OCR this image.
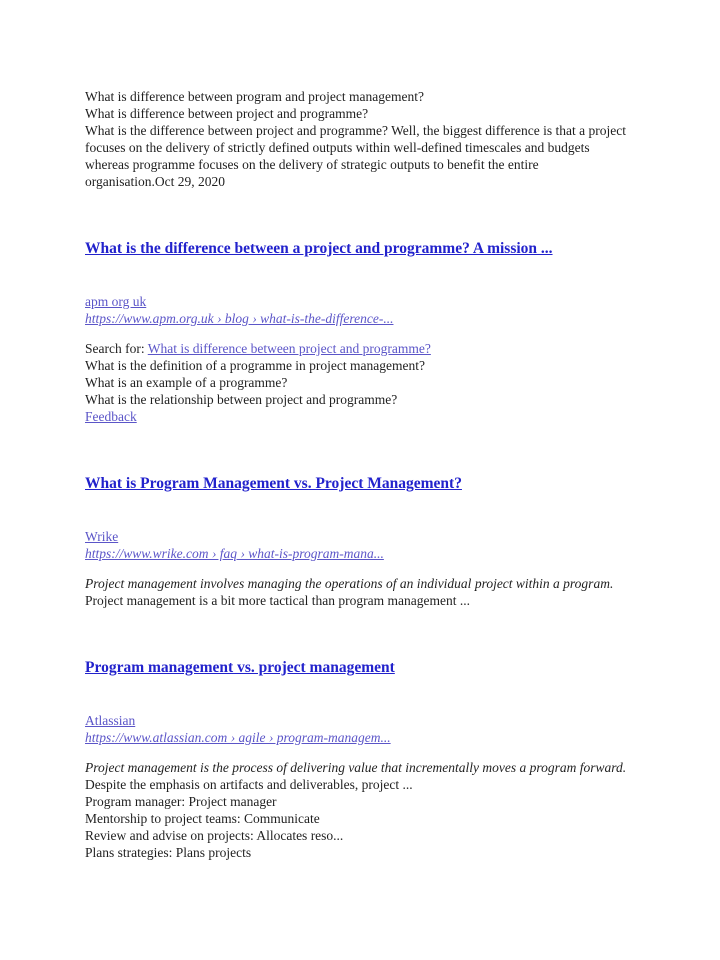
What is difference between program and project management?

What is difference between project and programme?

What is the difference between project and programme? Well, the biggest difference is that a project focuses on the delivery of strictly defined outputs within well-defined timescales and budgets whereas programme focuses on the delivery of strategic outputs to benefit the entire organisation.Oct 29, 2020

What is the difference between a project and programme? A mission ...
apm org uk
https://www.apm.org.uk › blog › what-is-the-difference-...

Search for: What is difference between project and programme?

What is the definition of a programme in project management?

What is an example of a programme?

What is the relationship between project and programme?

Feedback

What is Program Management vs. Project Management?
Wrike
https://www.wrike.com › faq › what-is-program-mana...

Project management involves managing the operations of an individual project within a program. Project management is a bit more tactical than program management ...

Program management vs. project management
Atlassian
https://www.atlassian.com › agile › program-managem...

Project management is the process of delivering value that incrementally moves a program forward. Despite the emphasis on artifacts and deliverables, project ...

Program manager: Project manager

Mentorship to project teams: Communicate

Review and advise on projects: Allocates reso...

Plans strategies: Plans projects
